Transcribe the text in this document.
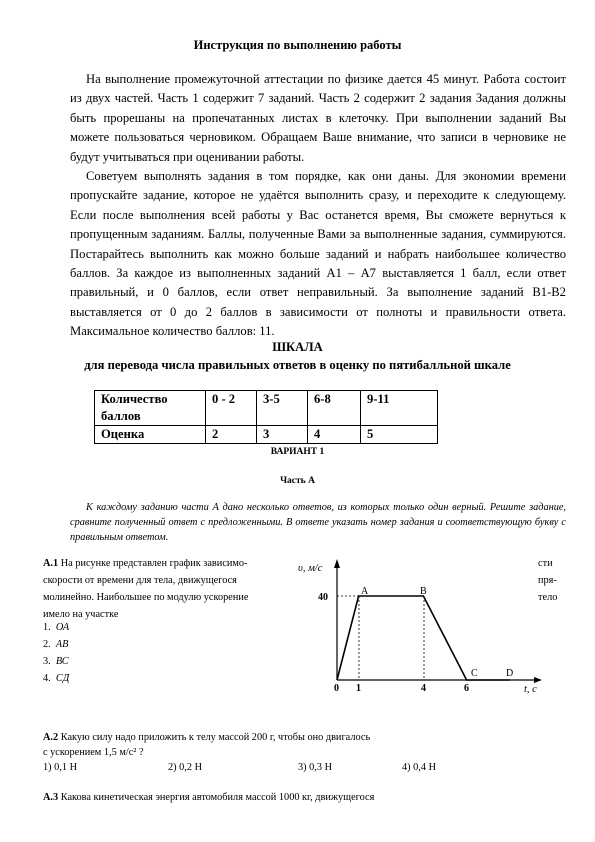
Инструкция по выполнению работы

На выполнение промежуточной аттестации по физике дается 45 минут. Работа состоит из двух частей. Часть 1 содержит 7 заданий. Часть 2 содержит 2 задания Задания должны быть прорешаны на пропечатанных листах в клеточку. При выполнении заданий Вы можете пользоваться черновиком. Обращаем Ваше внимание, что записи в черновике не будут учитываться при оценивании работы.

Советуем выполнять задания в том порядке, как они даны. Для экономии времени пропускайте задание, которое не удаётся выполнить сразу, и переходите к следующему. Если после выполнения всей работы у Вас останется время, Вы сможете вернуться к пропущенным заданиям. Баллы, полученные Вами за выполненные задания, суммируются. Постарайтесь выполнить как можно больше заданий и набрать наибольшее количество баллов. За каждое из выполненных заданий А1 – А7 выставляется 1 балл, если ответ правильный, и 0 баллов, если ответ неправильный. За выполнение заданий В1-В2 выставляется от 0 до 2 баллов в зависимости от полноты и правильности ответа. Максимальное количество баллов: 11.

ШКАЛА
для перевода числа правильных ответов в оценку по пятибалльной шкале
Количество баллов	0 - 2	3-5	6-8	9-11
Оценка	2	3	4	5
ВАРИАНТ 1
Часть А
К каждому заданию части А дано несколько ответов, из которых только один верный. Решите задание, сравните полученный ответ с предложенными. В ответе указать номер задания и соответствующую букву с правильным ответом.
А.1 На рисунке представлен график зависимо-	сти
скорости от времени для тела, движущегося	пря-
молинейно. Наибольшее по модулю ускорение	тело
имело на участке
1. ОА
2. АВ
3. ВС
4. СД
υ, м/с
t, c
40
0 1	4	6
A	B
C	D
А.2 Какую силу надо приложить к телу массой 200 г, чтобы оно двигалось
с ускорением 1,5 м/с² ?
1) 0,1 Н	2) 0,2 Н	3) 0,3 Н	4) 0,4 Н
А.3 Какова кинетическая энергия автомобиля массой 1000 кг, движущегося
